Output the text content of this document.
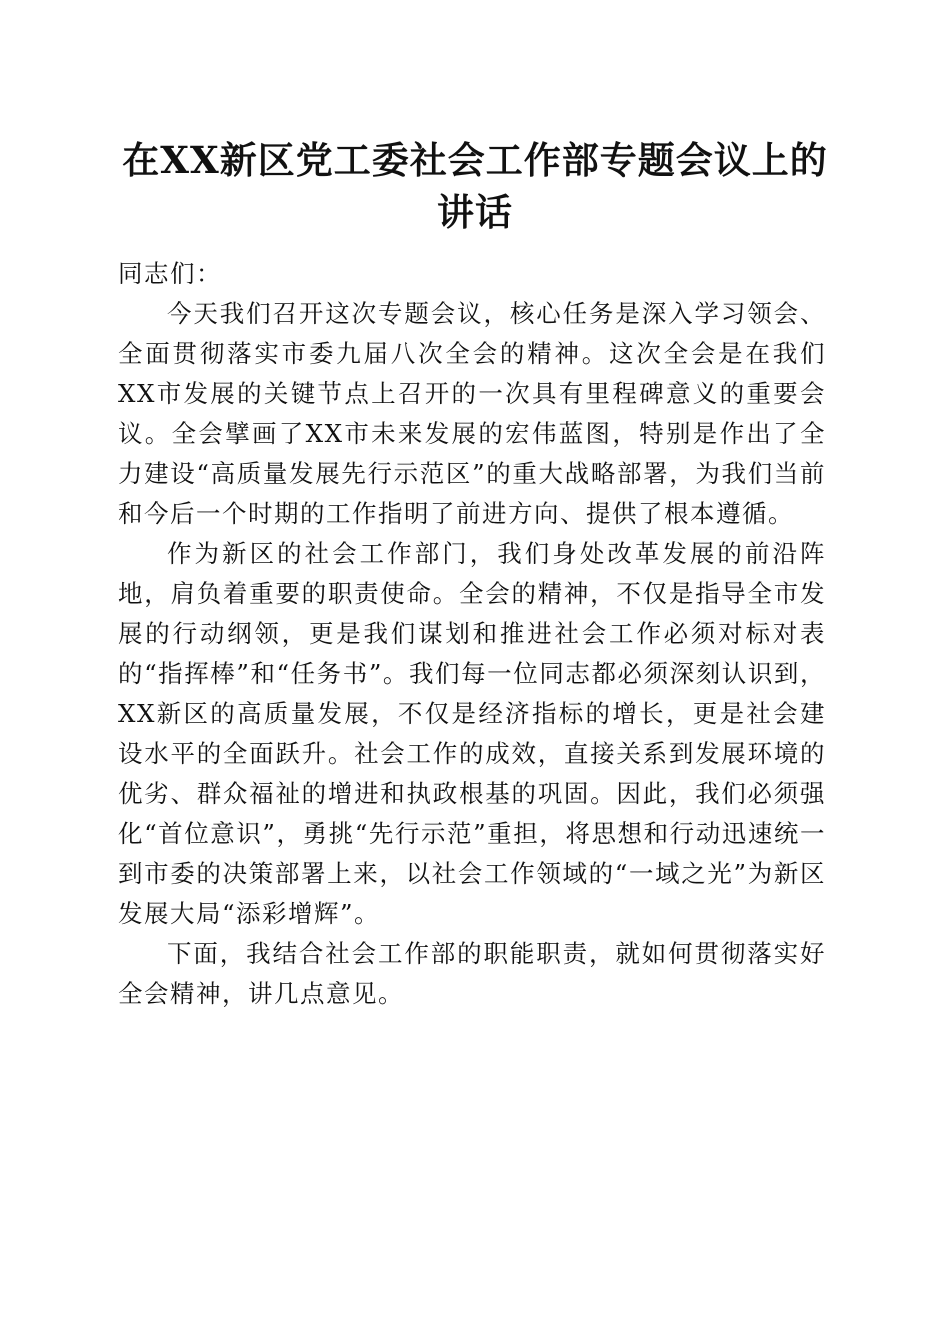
在XX新区党工委社会工作部专题会议上的讲话

同志们：

今天我们召开这次专题会议，核心任务是深入学习领会、全面贯彻落实市委九届八次全会的精神。这次全会是在我们XX市发展的关键节点上召开的一次具有里程碑意义的重要会议。全会擘画了XX市未来发展的宏伟蓝图，特别是作出了全力建设“高质量发展先行示范区”的重大战略部署，为我们当前和今后一个时期的工作指明了前进方向、提供了根本遵循。

作为新区的社会工作部门，我们身处改革发展的前沿阵地，肩负着重要的职责使命。全会的精神，不仅是指导全市发展的行动纲领，更是我们谋划和推进社会工作必须对标对表的“指挥棒”和“任务书”。我们每一位同志都必须深刻认识到，XX新区的高质量发展，不仅是经济指标的增长，更是社会建设水平的全面跃升。社会工作的成效，直接关系到发展环境的优劣、群众福祉的增进和执政根基的巩固。因此，我们必须强化“首位意识”，勇挑“先行示范”重担，将思想和行动迅速统一到市委的决策部署上来，以社会工作领域的“一域之光”为新区发展大局“添彩增辉”。

下面，我结合社会工作部的职能职责，就如何贯彻落实好全会精神，讲几点意见。
